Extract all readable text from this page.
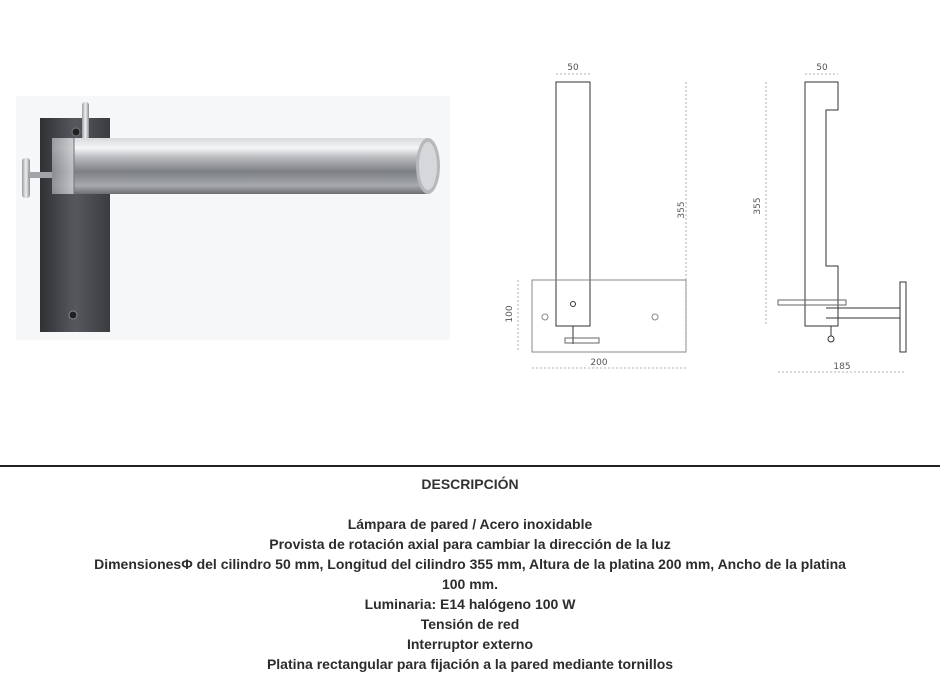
50
355
100
200
50
355
185
DESCRIPCIÓN
Lámpara de pared / Acero inoxidable
Provista de rotación axial para cambiar la dirección de la luz
DimensionesΦ del cilindro 50 mm, Longitud del cilindro 355 mm, Altura de la platina 200 mm, Ancho de la platina
100 mm.
Luminaria: E14 halógeno 100 W
Tensión de red
Interruptor externo
Platina rectangular para fijación a la pared mediante tornillos
